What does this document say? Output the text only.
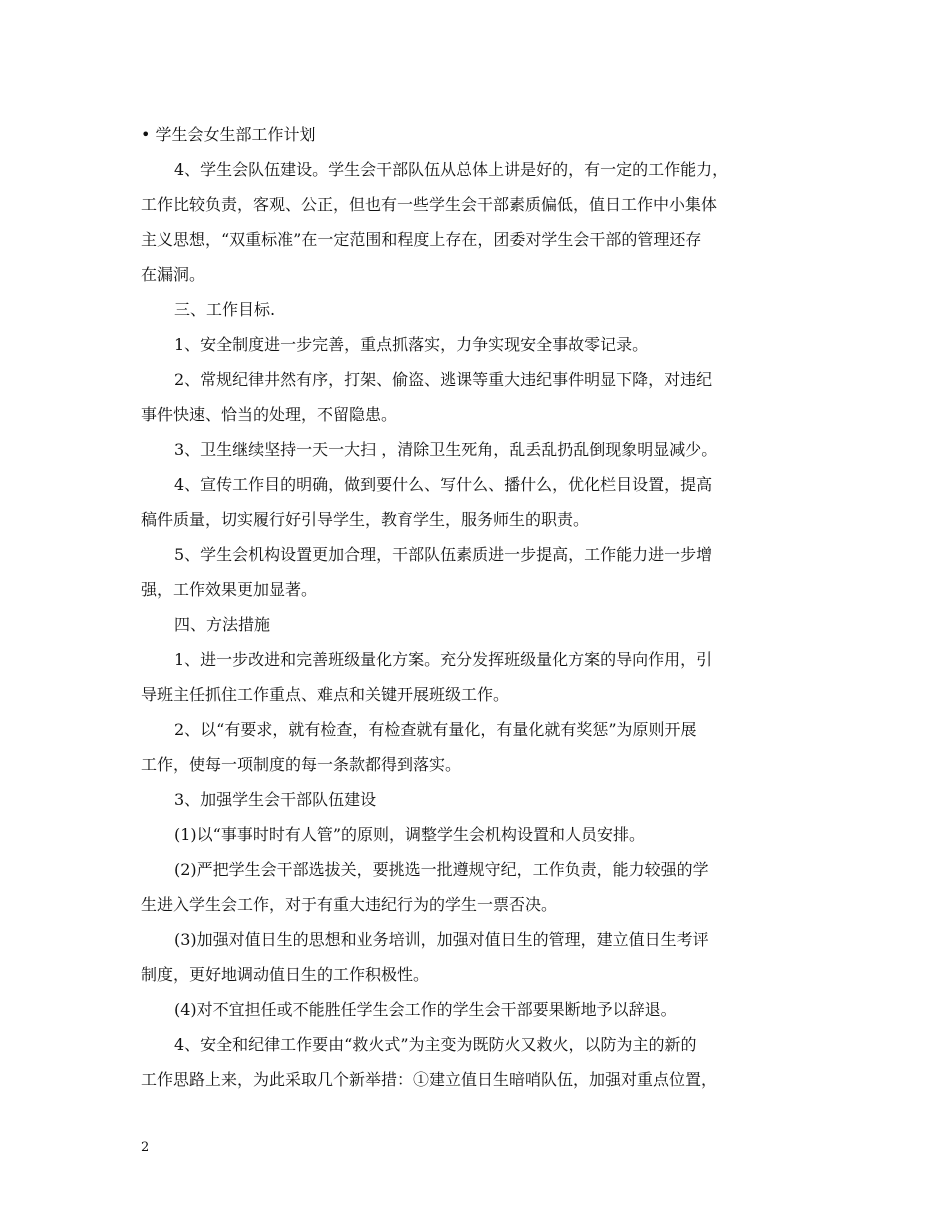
• 学生会女生部工作计划
4、学生会队伍建设。学生会干部队伍从总体上讲是好的，有一定的工作能力，
工作比较负责，客观、公正，但也有一些学生会干部素质偏低，值日工作中小集体
主义思想，“双重标准”在一定范围和程度上存在，团委对学生会干部的管理还存
在漏洞。
三、工作目标.
1、安全制度进一步完善，重点抓落实，力争实现安全事故零记录。
2、常规纪律井然有序，打架、偷盗、逃课等重大违纪事件明显下降，对违纪
事件快速、恰当的处理，不留隐患。
3、卫生继续坚持一天一大扫 ，清除卫生死角，乱丢乱扔乱倒现象明显减少。
4、宣传工作目的明确，做到要什么、写什么、播什么，优化栏目设置，提高
稿件质量，切实履行好引导学生，教育学生，服务师生的职责。
5、学生会机构设置更加合理，干部队伍素质进一步提高，工作能力进一步增
强，工作效果更加显著。
四、方法措施
1、进一步改进和完善班级量化方案。充分发挥班级量化方案的导向作用，引
导班主任抓住工作重点、难点和关键开展班级工作。
2、以“有要求，就有检查，有检查就有量化，有量化就有奖惩”为原则开展
工作，使每一项制度的每一条款都得到落实。
3、加强学生会干部队伍建设
(1)以“事事时时有人管”的原则，调整学生会机构设置和人员安排。
(2)严把学生会干部选拔关，要挑选一批遵规守纪，工作负责，能力较强的学
生进入学生会工作，对于有重大违纪行为的学生一票否决。
(3)加强对值日生的思想和业务培训，加强对值日生的管理，建立值日生考评
制度，更好地调动值日生的工作积极性。
(4)对不宜担任或不能胜任学生会工作的学生会干部要果断地予以辞退。
4、安全和纪律工作要由“救火式”为主变为既防火又救火，以防为主的新的
工作思路上来，为此采取几个新举措：①建立值日生暗哨队伍，加强对重点位置，
2
